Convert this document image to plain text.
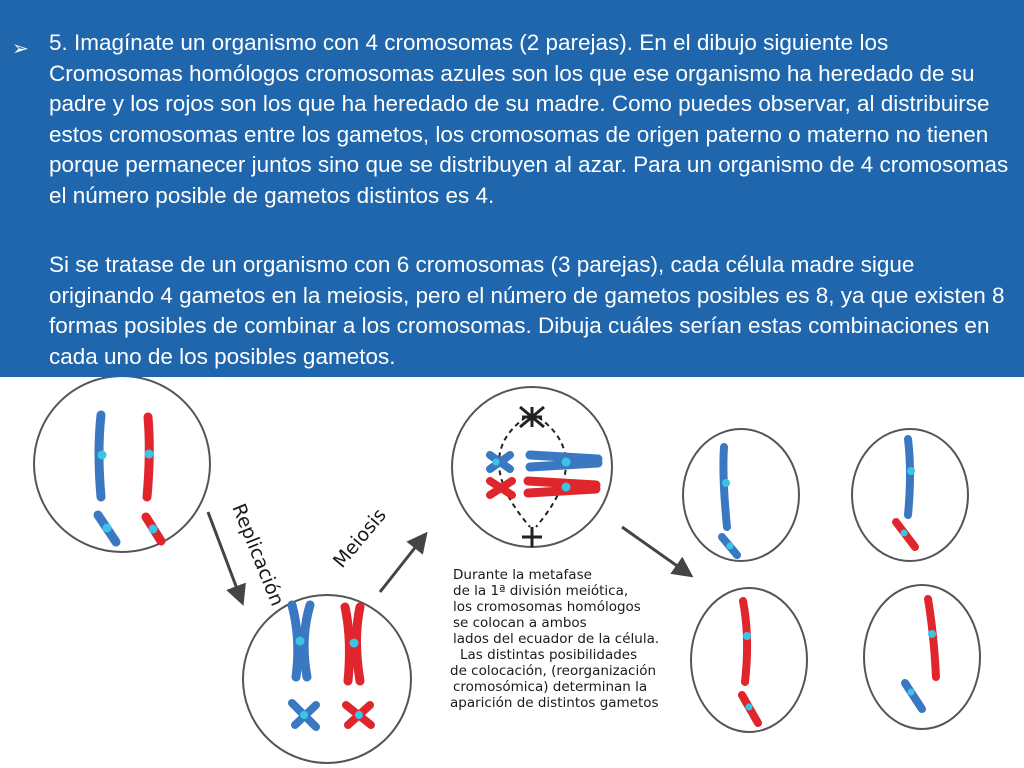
➢ 5. Imagínate un organismo con 4 cromosomas (2 parejas). En el dibujo siguiente los Cromosomas homólogos cromosomas azules son los que ese organismo ha heredado de su padre y los rojos son los que ha heredado de su madre. Como puedes observar, al distribuirse estos cromosomas entre los gametos, los cromosomas de origen paterno o materno no tienen porque permanecer juntos sino que se distribuyen al azar. Para un organismo de 4 cromosomas el número posible de gametos distintos es 4.
Si se tratase de un organismo con 6 cromosomas (3 parejas), cada célula madre sigue originando 4 gametos en la meiosis, pero el número de gametos posibles es 8, ya que existen 8 formas posibles de combinar a los cromosomas. Dibuja cuáles serían estas combinaciones en cada uno de los posibles gametos.
Replicación Meiosis
Durante la metafase
de la 1ª división meiótica,
los cromosomas homólogos
se colocan a ambos
lados del ecuador de la célula.
Las distintas posibilidades
de colocación, (reorganización
cromosómica) determinan la
aparición de distintos gametos
